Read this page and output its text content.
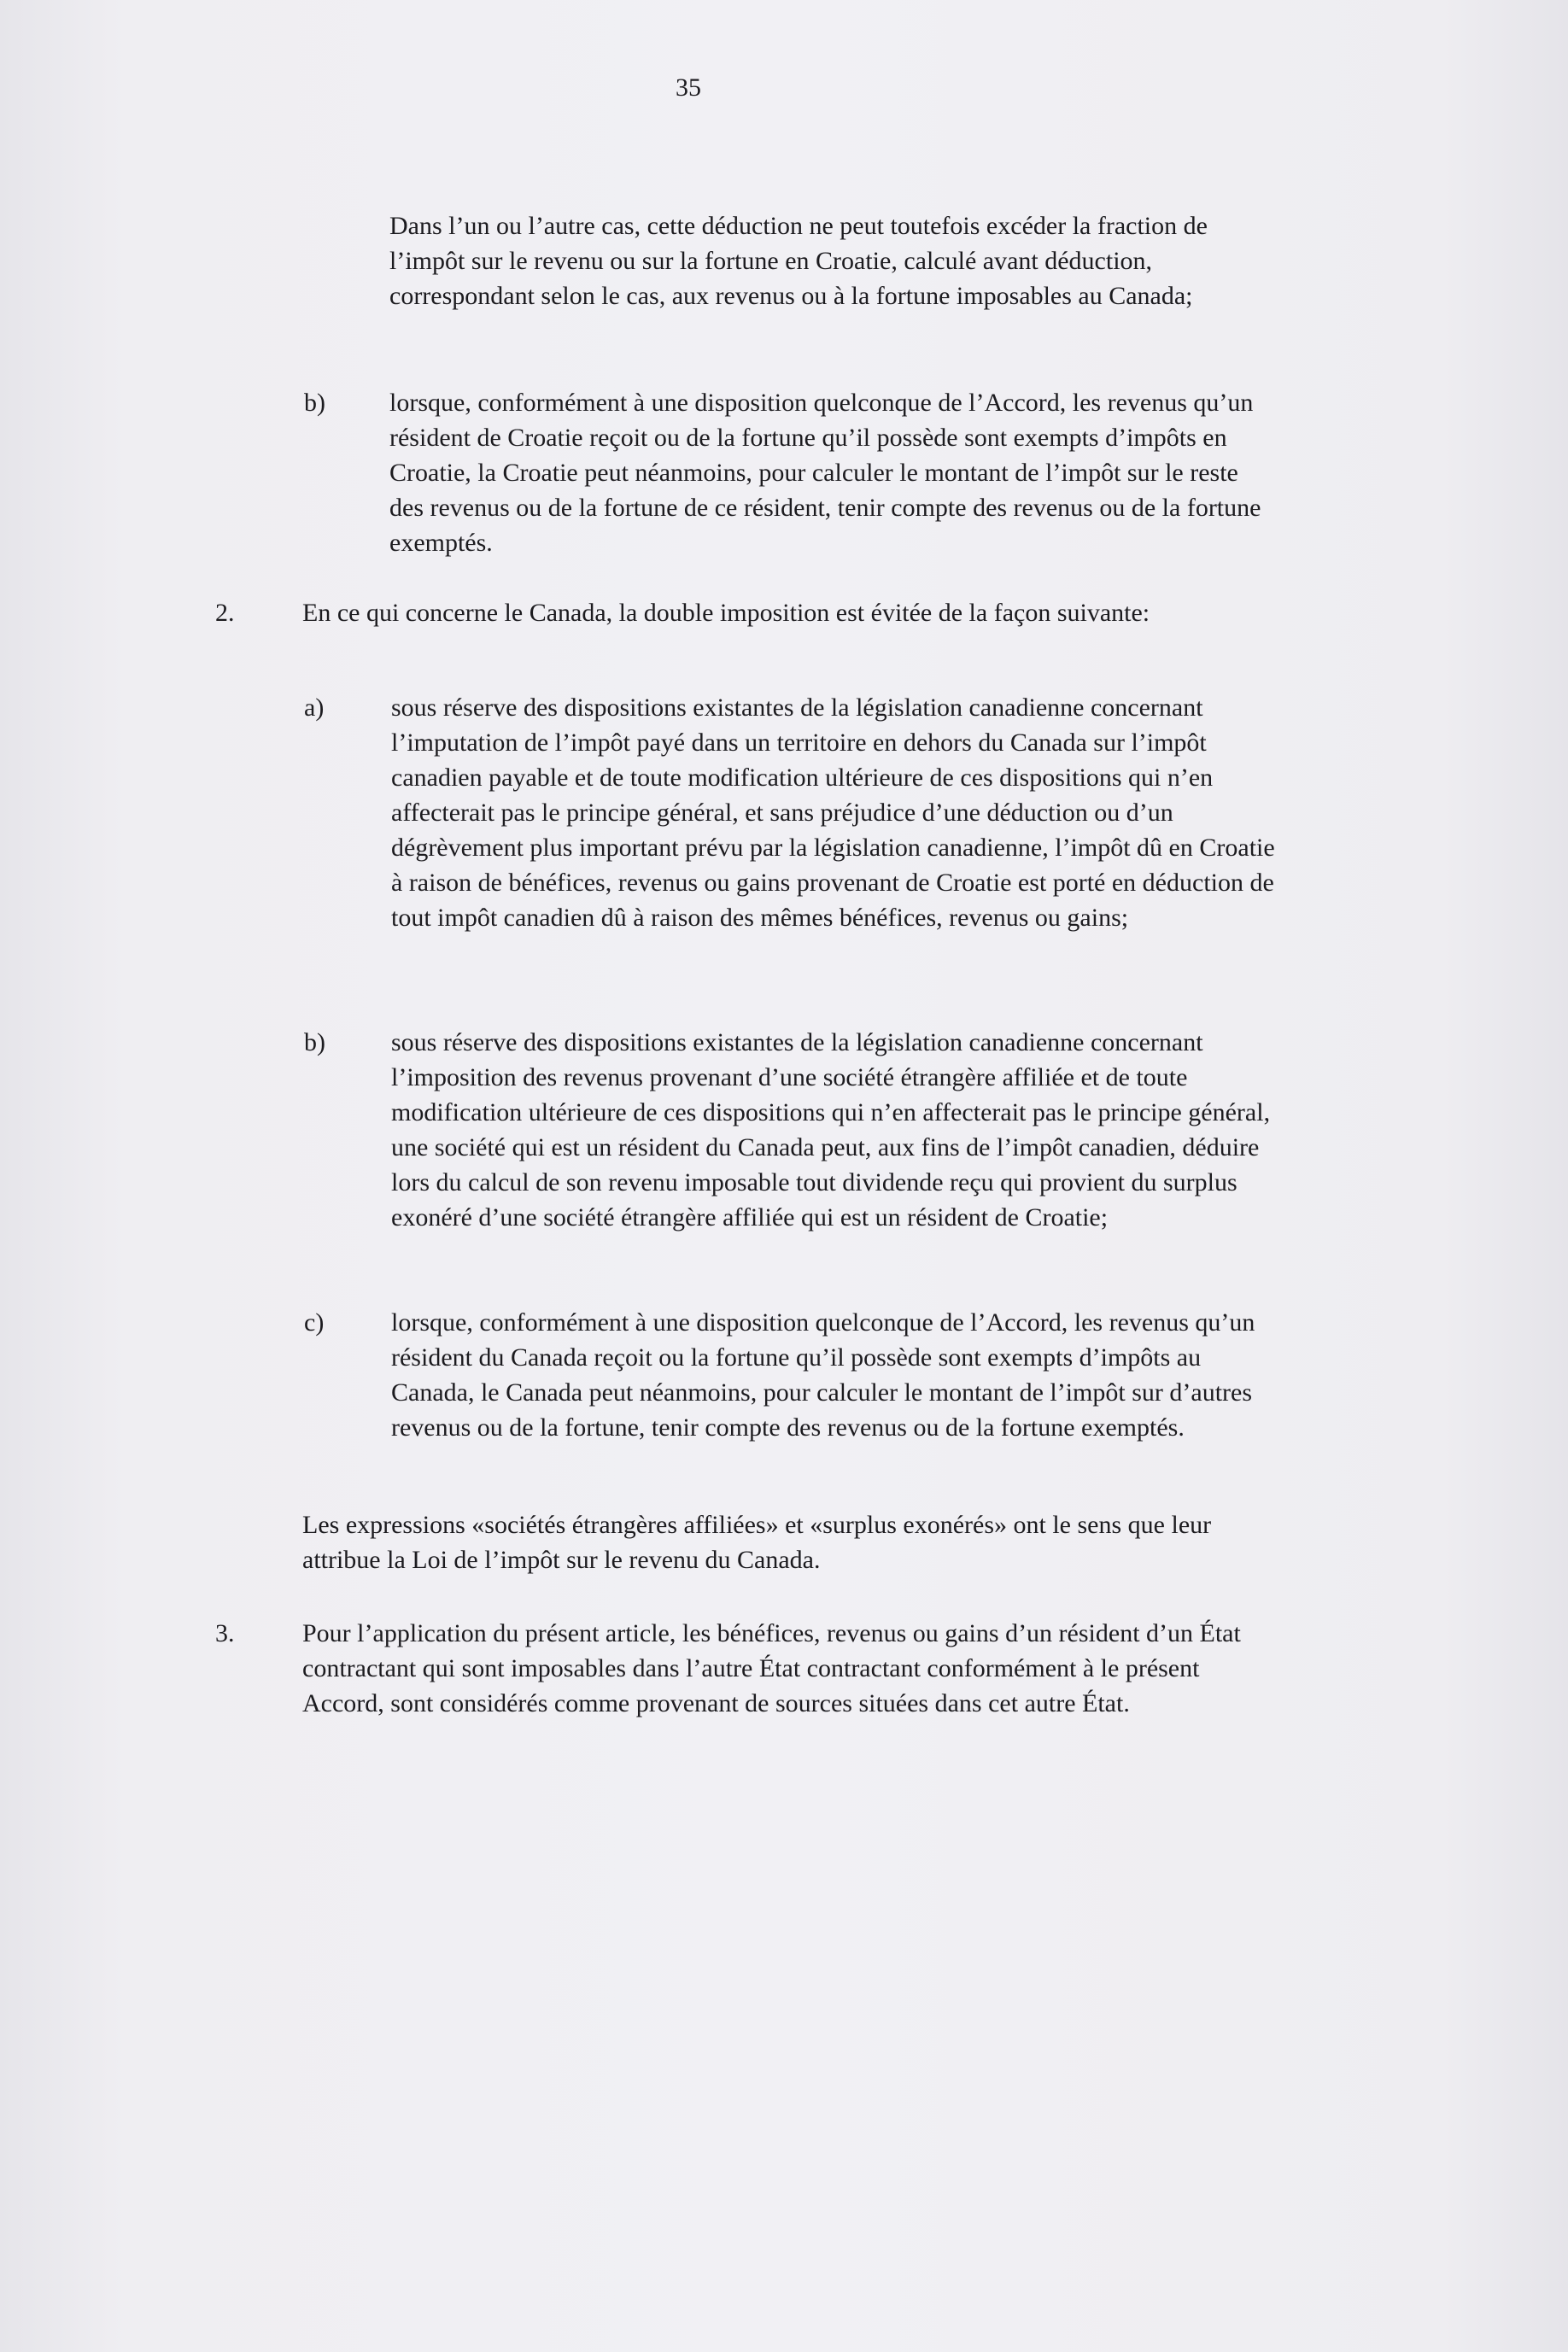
35

Dans l’un ou l’autre cas, cette déduction ne peut toutefois excéder la fraction de l’impôt sur le revenu ou sur la fortune en Croatie, calculé avant déduction, correspondant selon le cas, aux revenus ou à la fortune imposables au Canada;

b)	lorsque, conformément à une disposition quelconque de l’Accord, les revenus qu’un résident de Croatie reçoit ou de la fortune qu’il possède sont exempts d’impôts en Croatie, la Croatie peut néanmoins, pour calculer le montant de l’impôt sur le reste des revenus ou de la fortune de ce résident, tenir compte des revenus ou de la fortune exemptés.

2.	En ce qui concerne le Canada, la double imposition est évitée de la façon suivante:

a)	sous réserve des dispositions existantes de la législation canadienne concernant l’imputation de l’impôt payé dans un territoire en dehors du Canada sur l’impôt canadien payable et de toute modification ultérieure de ces dispositions qui n’en affecterait pas le principe général, et sans préjudice d’une déduction ou d’un dégrèvement plus important prévu par la législation canadienne, l’impôt dû en Croatie à raison de bénéfices, revenus ou gains provenant de Croatie est porté en déduction de tout impôt canadien dû à raison des mêmes bénéfices, revenus ou gains;

b)	sous réserve des dispositions existantes de la législation canadienne concernant l’imposition des revenus provenant d’une société étrangère affiliée et de toute modification ultérieure de ces dispositions qui n’en affecterait pas le principe général, une société qui est un résident du Canada peut, aux fins de l’impôt canadien, déduire lors du calcul de son revenu imposable tout dividende reçu qui provient du surplus exonéré d’une société étrangère affiliée qui est un résident de Croatie;

c)	lorsque, conformément à une disposition quelconque de l’Accord, les revenus qu’un résident du Canada reçoit ou la fortune qu’il possède sont exempts d’impôts au Canada, le Canada peut néanmoins, pour calculer le montant de l’impôt sur d’autres revenus ou de la fortune, tenir compte des revenus ou de la fortune exemptés.

Les expressions «sociétés étrangères affiliées» et «surplus exonérés» ont le sens que leur attribue la Loi de l’impôt sur le revenu du Canada.

3.	Pour l’application du présent article, les bénéfices, revenus ou gains d’un résident d’un État contractant qui sont imposables dans l’autre État contractant conformément à le présent Accord, sont considérés comme provenant de sources situées dans cet autre État.
